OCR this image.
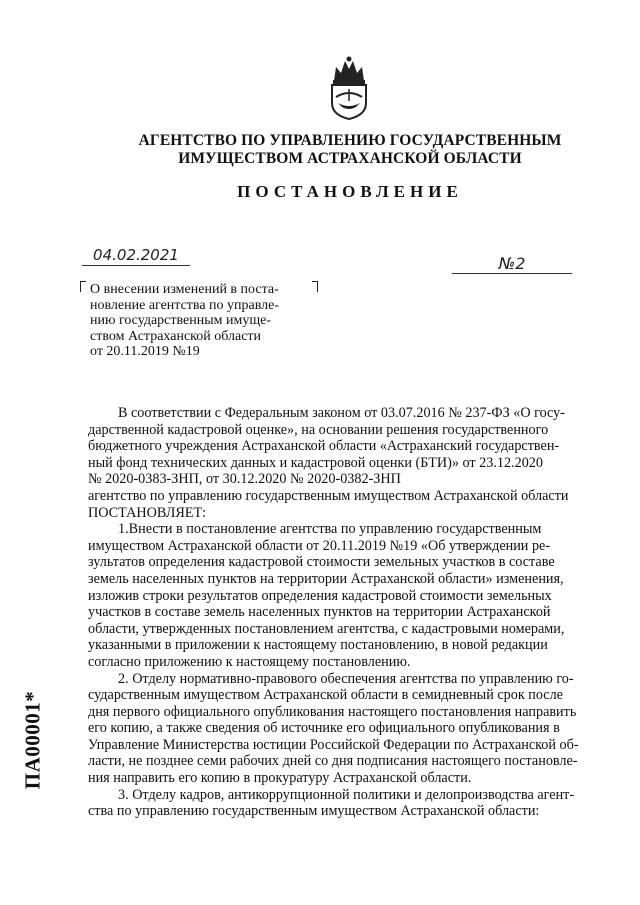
АГЕНТСТВО ПО УПРАВЛЕНИЮ ГОСУДАРСТВЕННЫМ
ИМУЩЕСТВОМ АСТРАХАНСКОЙ ОБЛАСТИ
ПОСТАНОВЛЕНИЕ
04.02.2021	№2
О внесении изменений в поста-
новление агентства по управле-
нию государственным имуще-
ством Астраханской области
от 20.11.2019 №19
В соответствии с Федеральным законом от 03.07.2016 № 237-ФЗ «О госу-
дарственной кадастровой оценке», на основании решения государственного
бюджетного учреждения Астраханской области «Астраханский государствен-
ный фонд технических данных и кадастровой оценки (БТИ)» от 23.12.2020
№ 2020-0383-ЗНП, от 30.12.2020 № 2020-0382-ЗНП
агентство по управлению государственным имуществом Астраханской области
ПОСТАНОВЛЯЕТ:
1.Внести в постановление агентства по управлению государственным
имуществом Астраханской области от 20.11.2019 №19 «Об утверждении ре-
зультатов определения кадастровой стоимости земельных участков в составе
земель населенных пунктов на территории Астраханской области» изменения,
изложив строки результатов определения кадастровой стоимости земельных
участков в составе земель населенных пунктов на территории Астраханской
области, утвержденных постановлением агентства, с кадастровыми номерами,
указанными в приложении к настоящему постановлению, в новой редакции
согласно приложению к настоящему постановлению.
2. Отделу нормативно-правового обеспечения агентства по управлению го-
сударственным имуществом Астраханской области в семидневный срок после
дня первого официального опубликования настоящего постановления направить
его копию, а также сведения об источнике его официального опубликования в
Управление Министерства юстиции Российской Федерации по Астраханской об-
ласти, не позднее семи рабочих дней со дня подписания настоящего постановле-
ния направить его копию в прокуратуру Астраханской области.
3. Отделу кадров, антикоррупционной политики и делопроизводства агент-
ства по управлению государственным имуществом Астраханской области:
ПА00001*
